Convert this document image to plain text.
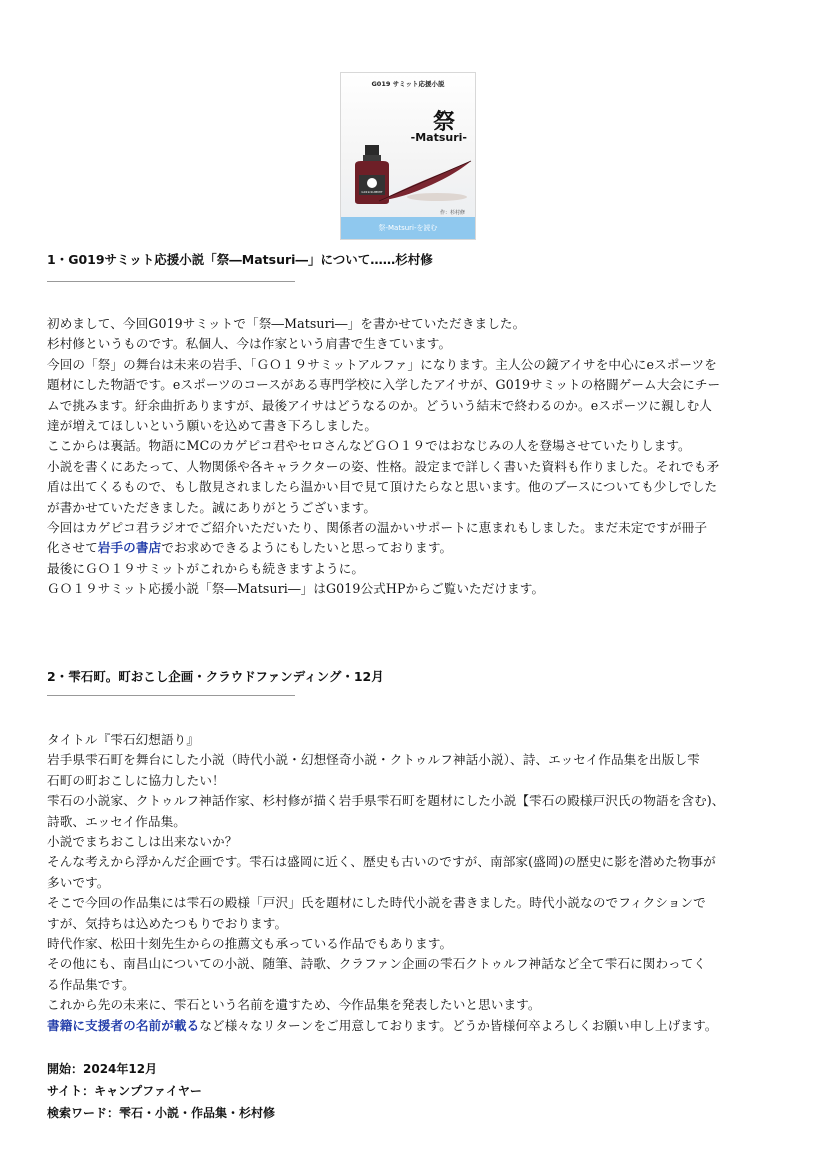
G019 サミット応援小説
祭
-Matsuri-
G019-SUMMIT
作：杉村修
祭-Matsuri-を読む
1・G019サミット応援小説「祭―Matsuri―」について……杉村修

初めまして、今回G019サミットで「祭―Matsuri―」を書かせていただきました。

杉村修というものです。私個人、今は作家という肩書で生きています。

今回の「祭」の舞台は未来の岩手、「ＧＯ１９サミットアルファ」になります。主人公の鏡アイサを中心にeスポーツを

題材にした物語です。eスポーツのコースがある専門学校に入学したアイサが、G019サミットの格闘ゲーム大会にチー

ムで挑みます。紆余曲折ありますが、最後アイサはどうなるのか。どういう結末で終わるのか。eスポーツに親しむ人

達が増えてほしいという願いを込めて書き下ろしました。

ここからは裏話。物語にMCのカゲピコ君やセロさんなどＧＯ１９ではおなじみの人を登場させていたりします。

小説を書くにあたって、人物関係や各キャラクターの姿、性格。設定まで詳しく書いた資料も作りました。それでも矛

盾は出てくるもので、もし散見されましたら温かい目で見て頂けたらなと思います。他のブースについても少しでした

が書かせていただきました。誠にありがとうございます。

今回はカゲピコ君ラジオでご紹介いただいたり、関係者の温かいサポートに恵まれもしました。まだ未定ですが冊子

化させて岩手の書店でお求めできるようにもしたいと思っております。

最後にＧＯ１９サミットがこれからも続きますように。

ＧＯ１９サミット応援小説「祭―Matsuri―」はG019公式HPからご覧いただけます。

2・雫石町。町おこし企画・クラウドファンディング・12月

タイトル『雫石幻想語り』

岩手県雫石町を舞台にした小説（時代小説・幻想怪奇小説・クトゥルフ神話小説）、詩、エッセイ作品集を出版し雫

石町の町おこしに協力したい！

雫石の小説家、クトゥルフ神話作家、杉村修が描く岩手県雫石町を題材にした小説【雫石の殿様戸沢氏の物語を含む)、

詩歌、エッセイ作品集。

小説でまちおこしは出来ないか？

そんな考えから浮かんだ企画です。雫石は盛岡に近く、歴史も古いのですが、南部家(盛岡)の歴史に影を潜めた物事が

多いです。

そこで今回の作品集には雫石の殿様「戸沢」氏を題材にした時代小説を書きました。時代小説なのでフィクションで

すが、気持ちは込めたつもりでおります。

時代作家、松田十刻先生からの推薦文も承っている作品でもあります。

その他にも、南昌山についての小説、随筆、詩歌、クラファン企画の雫石クトゥルフ神話など全て雫石に関わってく

る作品集です。

これから先の未来に、雫石という名前を遺すため、今作品集を発表したいと思います。

書籍に支援者の名前が載るなど様々なリターンをご用意しております。どうか皆様何卒よろしくお願い申し上げます。

開始：2024年12月

サイト：キャンプファイヤー

検索ワード：雫石・小説・作品集・杉村修
